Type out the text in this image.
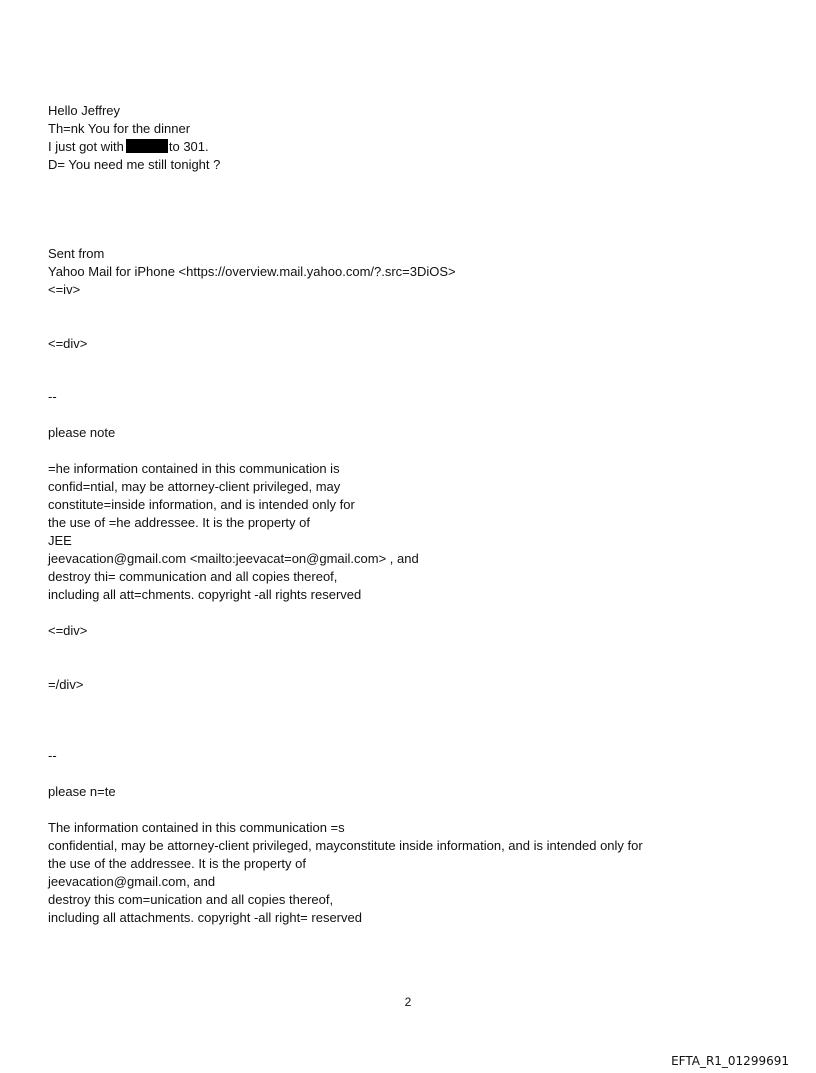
Hello Jeffrey
Th=nk You for the dinner
I just got with	to 301.
D= You need me still tonight ?
Sent from
Yahoo Mail for iPhone <https://overview.mail.yahoo.com/?.src=3DiOS>
<=iv>
<=div>
--
please note
=he information contained in this communication is
confid=ntial, may be attorney-client privileged, may
constitute=inside information, and is intended only for
the use of =he addressee. It is the property of
JEE
jeevacation@gmail.com <mailto:jeevacat=on@gmail.com> , and
destroy thi= communication and all copies thereof,
including all att=chments. copyright -all rights reserved
<=div>
=/div>
--
please n=te
The information contained in this communication =s
confidential, may be attorney-client privileged, mayconstitute inside information, and is intended only for
the use of the addressee. It is the property of
jeevacation@gmail.com, and
destroy this com=unication and all copies thereof,
including all attachments. copyright -all right= reserved
2
EFTA_R1_01299691
